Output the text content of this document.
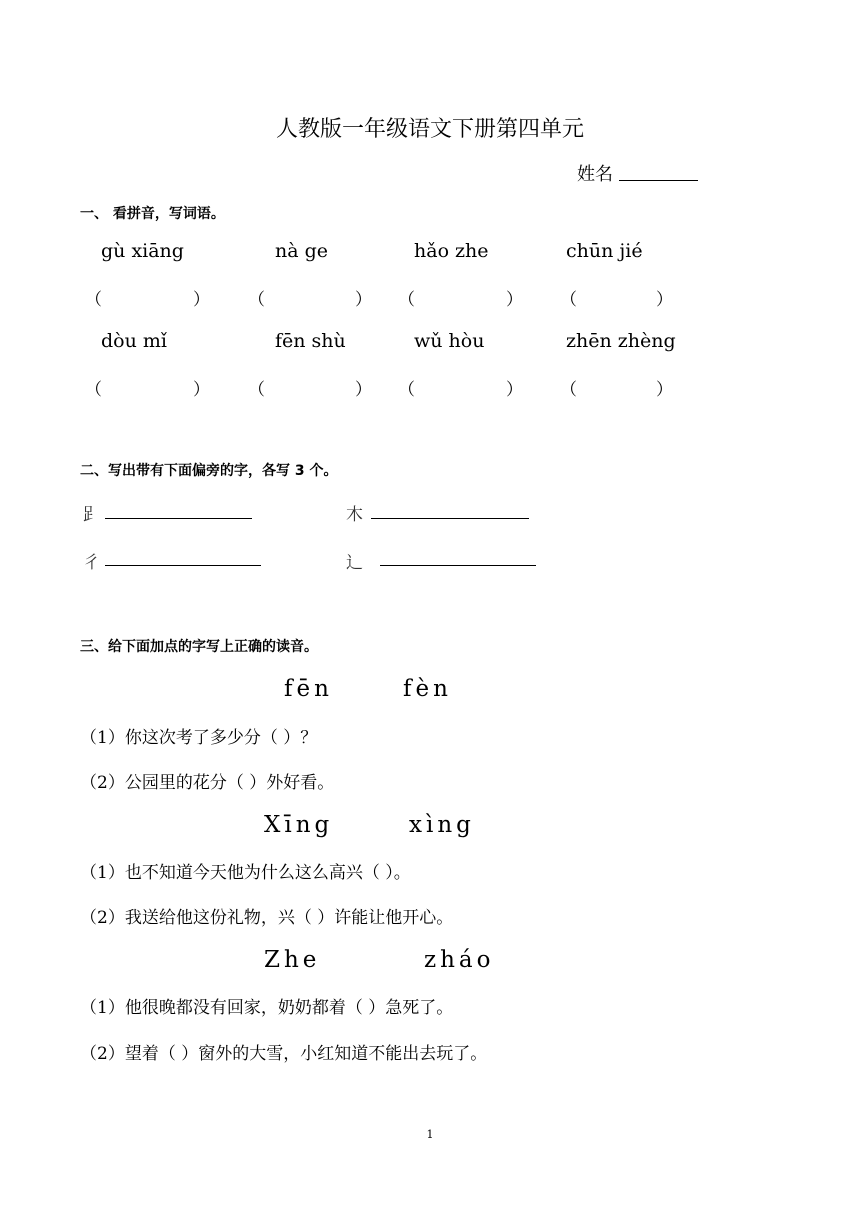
人教版一年级语文下册第四单元
姓名
一、 看拼音，写词语。
gù xiāng	nà ge	hǎo zhe	chūn jié
（	） （	） （	） （	）
dòu mǐ	fēn shù	wǔ hòu	zhēn zhèng
（	） （	） （	） （	）
二、写出带有下面偏旁的字，各写 3 个。
𧾷	木
彳	辶
三、给下面加点的字写上正确的读音。
fēn	fèn
（1）你这次考了多少分（ ）？
（2）公园里的花分（ ）外好看。
Xīng	xìng
（1）也不知道今天他为什么这么高兴（ ）。
（2）我送给他这份礼物，兴（ ）许能让他开心。
Zhe	zháo
（1）他很晚都没有回家，奶奶都着（ ）急死了。
（2）望着（ ）窗外的大雪，小红知道不能出去玩了。
1
